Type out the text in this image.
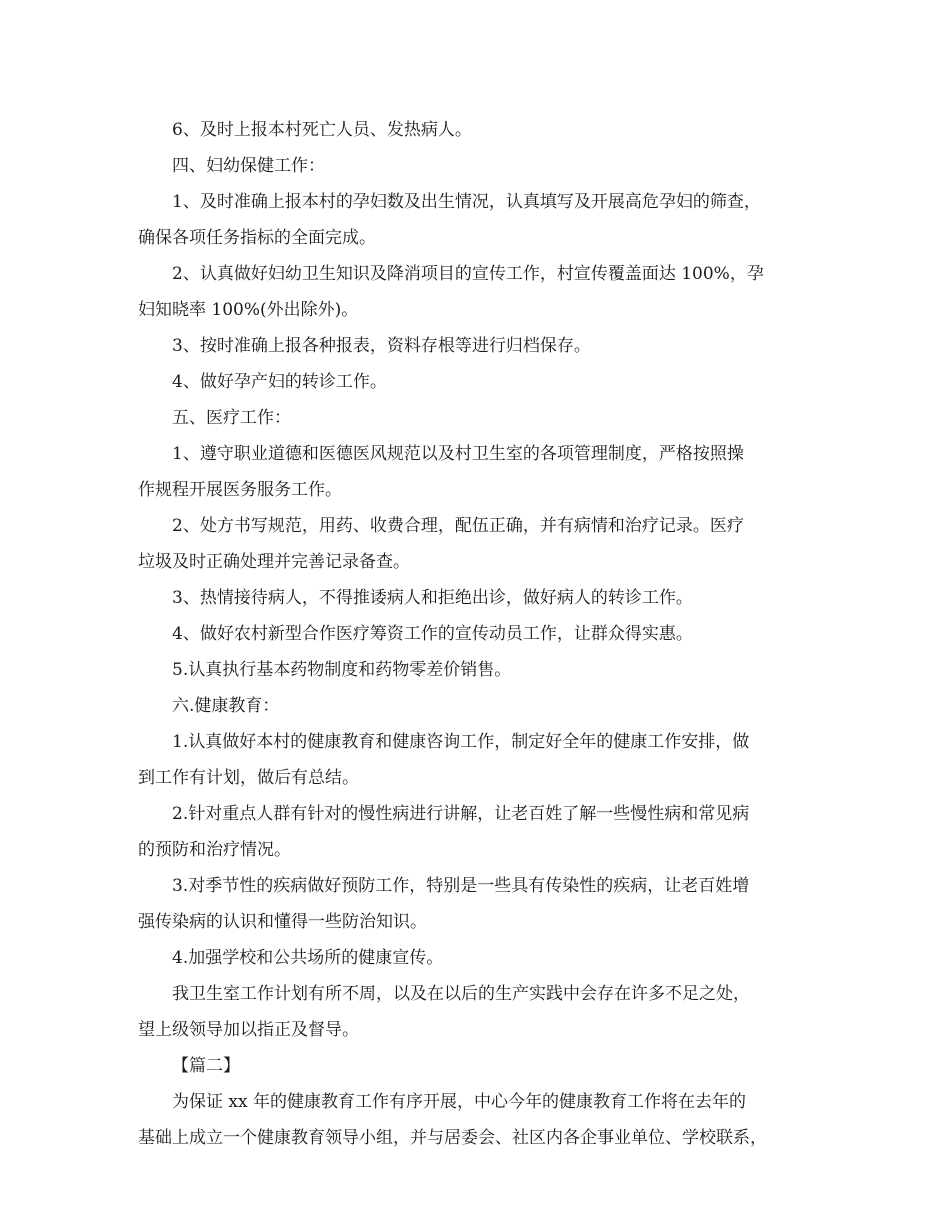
6、及时上报本村死亡人员、发热病人。

四、妇幼保健工作：

1、及时准确上报本村的孕妇数及出生情况，认真填写及开展高危孕妇的筛查，
确保各项任务指标的全面完成。

2、认真做好妇幼卫生知识及降消项目的宣传工作，村宣传覆盖面达 100%，孕
妇知晓率 100%(外出除外)。

3、按时准确上报各种报表，资料存根等进行归档保存。

4、做好孕产妇的转诊工作。

五、医疗工作：

1、遵守职业道德和医德医风规范以及村卫生室的各项管理制度，严格按照操
作规程开展医务服务工作。

2、处方书写规范，用药、收费合理，配伍正确，并有病情和治疗记录。医疗
垃圾及时正确处理并完善记录备查。

3、热情接待病人，不得推诿病人和拒绝出诊，做好病人的转诊工作。

4、做好农村新型合作医疗筹资工作的宣传动员工作，让群众得实惠。

5.认真执行基本药物制度和药物零差价销售。

六.健康教育：

1.认真做好本村的健康教育和健康咨询工作，制定好全年的健康工作安排，做
到工作有计划，做后有总结。

2.针对重点人群有针对的慢性病进行讲解，让老百姓了解一些慢性病和常见病
的预防和治疗情况。

3.对季节性的疾病做好预防工作，特别是一些具有传染性的疾病，让老百姓增
强传染病的认识和懂得一些防治知识。

4.加强学校和公共场所的健康宣传。

我卫生室工作计划有所不周，以及在以后的生产实践中会存在许多不足之处，
望上级领导加以指正及督导。

【篇二】

为保证 xx 年的健康教育工作有序开展，中心今年的健康教育工作将在去年的
基础上成立一个健康教育领导小组，并与居委会、社区内各企事业单位、学校联系，
